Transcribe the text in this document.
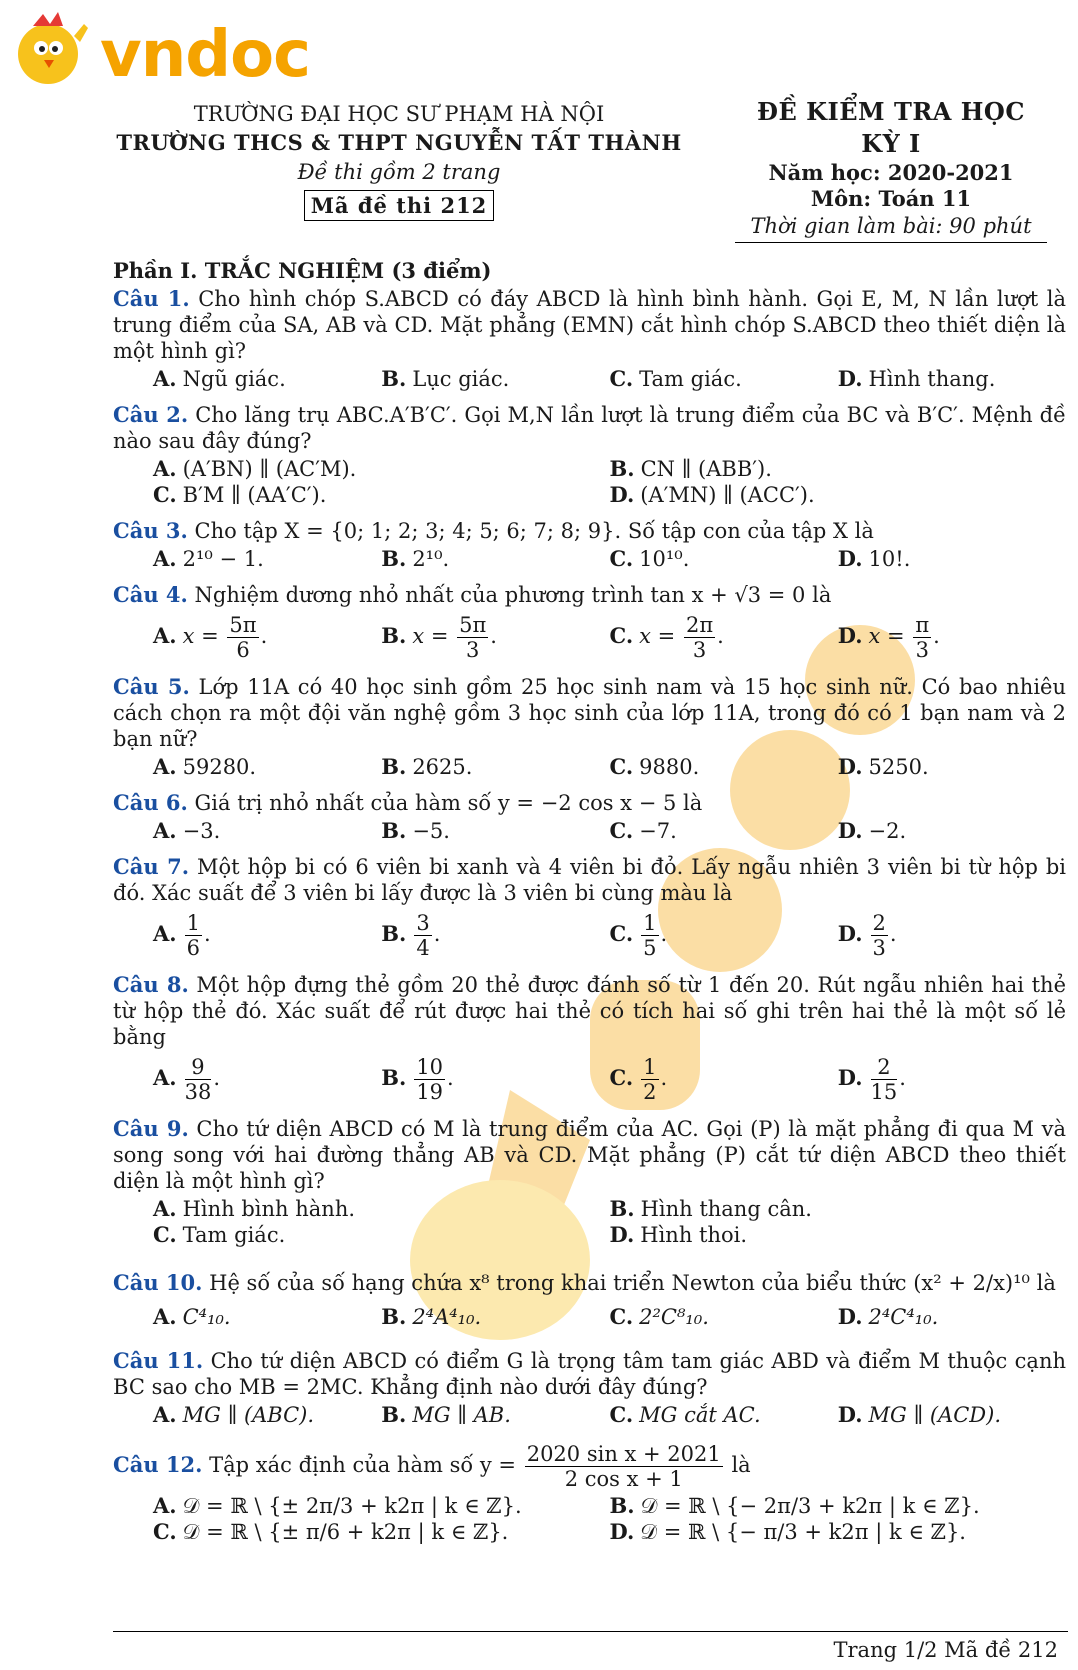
vndoc
TRƯỜNG ĐẠI HỌC SƯ PHẠM HÀ NỘI
TRƯỜNG THCS & THPT NGUYỄN TẤT THÀNH
Đề thi gồm 2 trang
Mã đề thi 212
ĐỀ KIỂM TRA HỌC KỲ I
Năm học: 2020-2021
Môn: Toán 11
Thời gian làm bài: 90 phút
Phần I. TRẮC NGHIỆM (3 điểm)
Câu 1. Cho hình chóp S.ABCD có đáy ABCD là hình bình hành. Gọi E, M, N lần lượt là trung điểm của SA, AB và CD. Mặt phẳng (EMN) cắt hình chóp S.ABCD theo thiết diện là một hình gì?
A. Ngũ giác.	B. Lục giác.	C. Tam giác.	D. Hình thang.
Câu 2. Cho lăng trụ ABC.A′B′C′. Gọi M,N lần lượt là trung điểm của BC và B′C′. Mệnh đề nào sau đây đúng?
A. (A′BN) ∥ (AC′M).	B. CN ∥ (ABB′).
C. B′M ∥ (AA′C′).	D. (A′MN) ∥ (ACC′).
Câu 3. Cho tập X = {0; 1; 2; 3; 4; 5; 6; 7; 8; 9}. Số tập con của tập X là
A. 2¹⁰ − 1.	B. 2¹⁰.	C. 10¹⁰.	D. 10!.
Câu 4. Nghiệm dương nhỏ nhất của phương trình tan x + √3 = 0 là
A. $x = \frac{5\pi}{6}$ .	B. $x = \frac{5\pi}{3}$ .	C. $x = \frac{2\pi}{3}$ .	D. $x = \frac{\pi}{3}$ .
Câu 5. Lớp 11A có 40 học sinh gồm 25 học sinh nam và 15 học sinh nữ. Có bao nhiêu cách chọn ra một đội văn nghệ gồm 3 học sinh của lớp 11A, trong đó có 1 bạn nam và 2 bạn nữ?
A. 59280.	B. 2625.	C. 9880.	D. 5250.
Câu 6. Giá trị nhỏ nhất của hàm số y = −2 cos x − 5 là
A. −3.	B. −5.	C. −7.	D. −2.
Câu 7. Một hộp bi có 6 viên bi xanh và 4 viên bi đỏ. Lấy ngẫu nhiên 3 viên bi từ hộp bi đó. Xác suất để 3 viên bi lấy được là 3 viên bi cùng màu là
A. $\frac{1}{6}$ .	B. $\frac{3}{4}$ .	C. $\frac{1}{5}$ .	D. $\frac{2}{3}$ .
Câu 8. Một hộp đựng thẻ gồm 20 thẻ được đánh số từ 1 đến 20. Rút ngẫu nhiên hai thẻ từ hộp thẻ đó. Xác suất để rút được hai thẻ có tích hai số ghi trên hai thẻ là một số lẻ bằng
A. $\frac{9}{38}$ .	B. $\frac{10}{19}$ .	C. $\frac{1}{2}$ .	D. $\frac{2}{15}$ .
Câu 9. Cho tứ diện ABCD có M là trung điểm của AC. Gọi (P) là mặt phẳng đi qua M và song song với hai đường thẳng AB và CD. Mặt phẳng (P) cắt tứ diện ABCD theo thiết diện là một hình gì?
A. Hình bình hành.	B. Hình thang cân.
C. Tam giác.	D. Hình thoi.
Câu 10. Hệ số của số hạng chứa x⁸ trong khai triển Newton của biểu thức (x² + 2/x)¹⁰ là
A. C⁴₁₀.	B. 2⁴A⁴₁₀.	C. 2²C⁸₁₀.	D. 2⁴C⁴₁₀.
Câu 11. Cho tứ diện ABCD có điểm G là trọng tâm tam giác ABD và điểm M thuộc cạnh BC sao cho MB = 2MC. Khẳng định nào dưới đây đúng?
A. MG ∥ (ABC).	B. MG ∥ AB.	C. MG cắt AC.	D. MG ∥ (ACD).
Câu 12. Tập xác định của hàm số $y = \frac{\text{2020 sin x + 2021}}{\text{2 cos x + 1}}$ là
A. 𝒟 = ℝ \ {± 2π/3 + k2π | k ∈ ℤ}.	B. 𝒟 = ℝ \ {− 2π/3 + k2π | k ∈ ℤ}.
C. 𝒟 = ℝ \ {± π/6 + k2π | k ∈ ℤ}.	D. 𝒟 = ℝ \ {− π/3 + k2π | k ∈ ℤ}.
Trang 1/2 Mã đề 212
